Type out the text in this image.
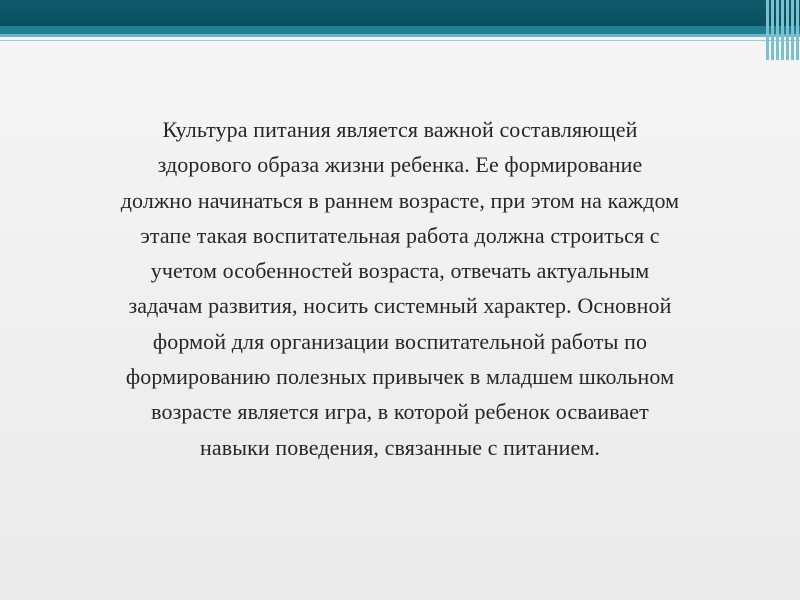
Культура питания является важной составляющей
здорового образа жизни ребенка. Ее формирование
должно начинаться в раннем возрасте, при этом на каждом
этапе такая воспитательная работа должна строиться с
учетом особенностей возраста, отвечать актуальным
задачам развития, носить системный характер. Основной
формой для организации воспитательной работы по
формированию полезных привычек в младшем школьном
возрасте является игра, в которой ребенок осваивает
навыки поведения, связанные с питанием.
